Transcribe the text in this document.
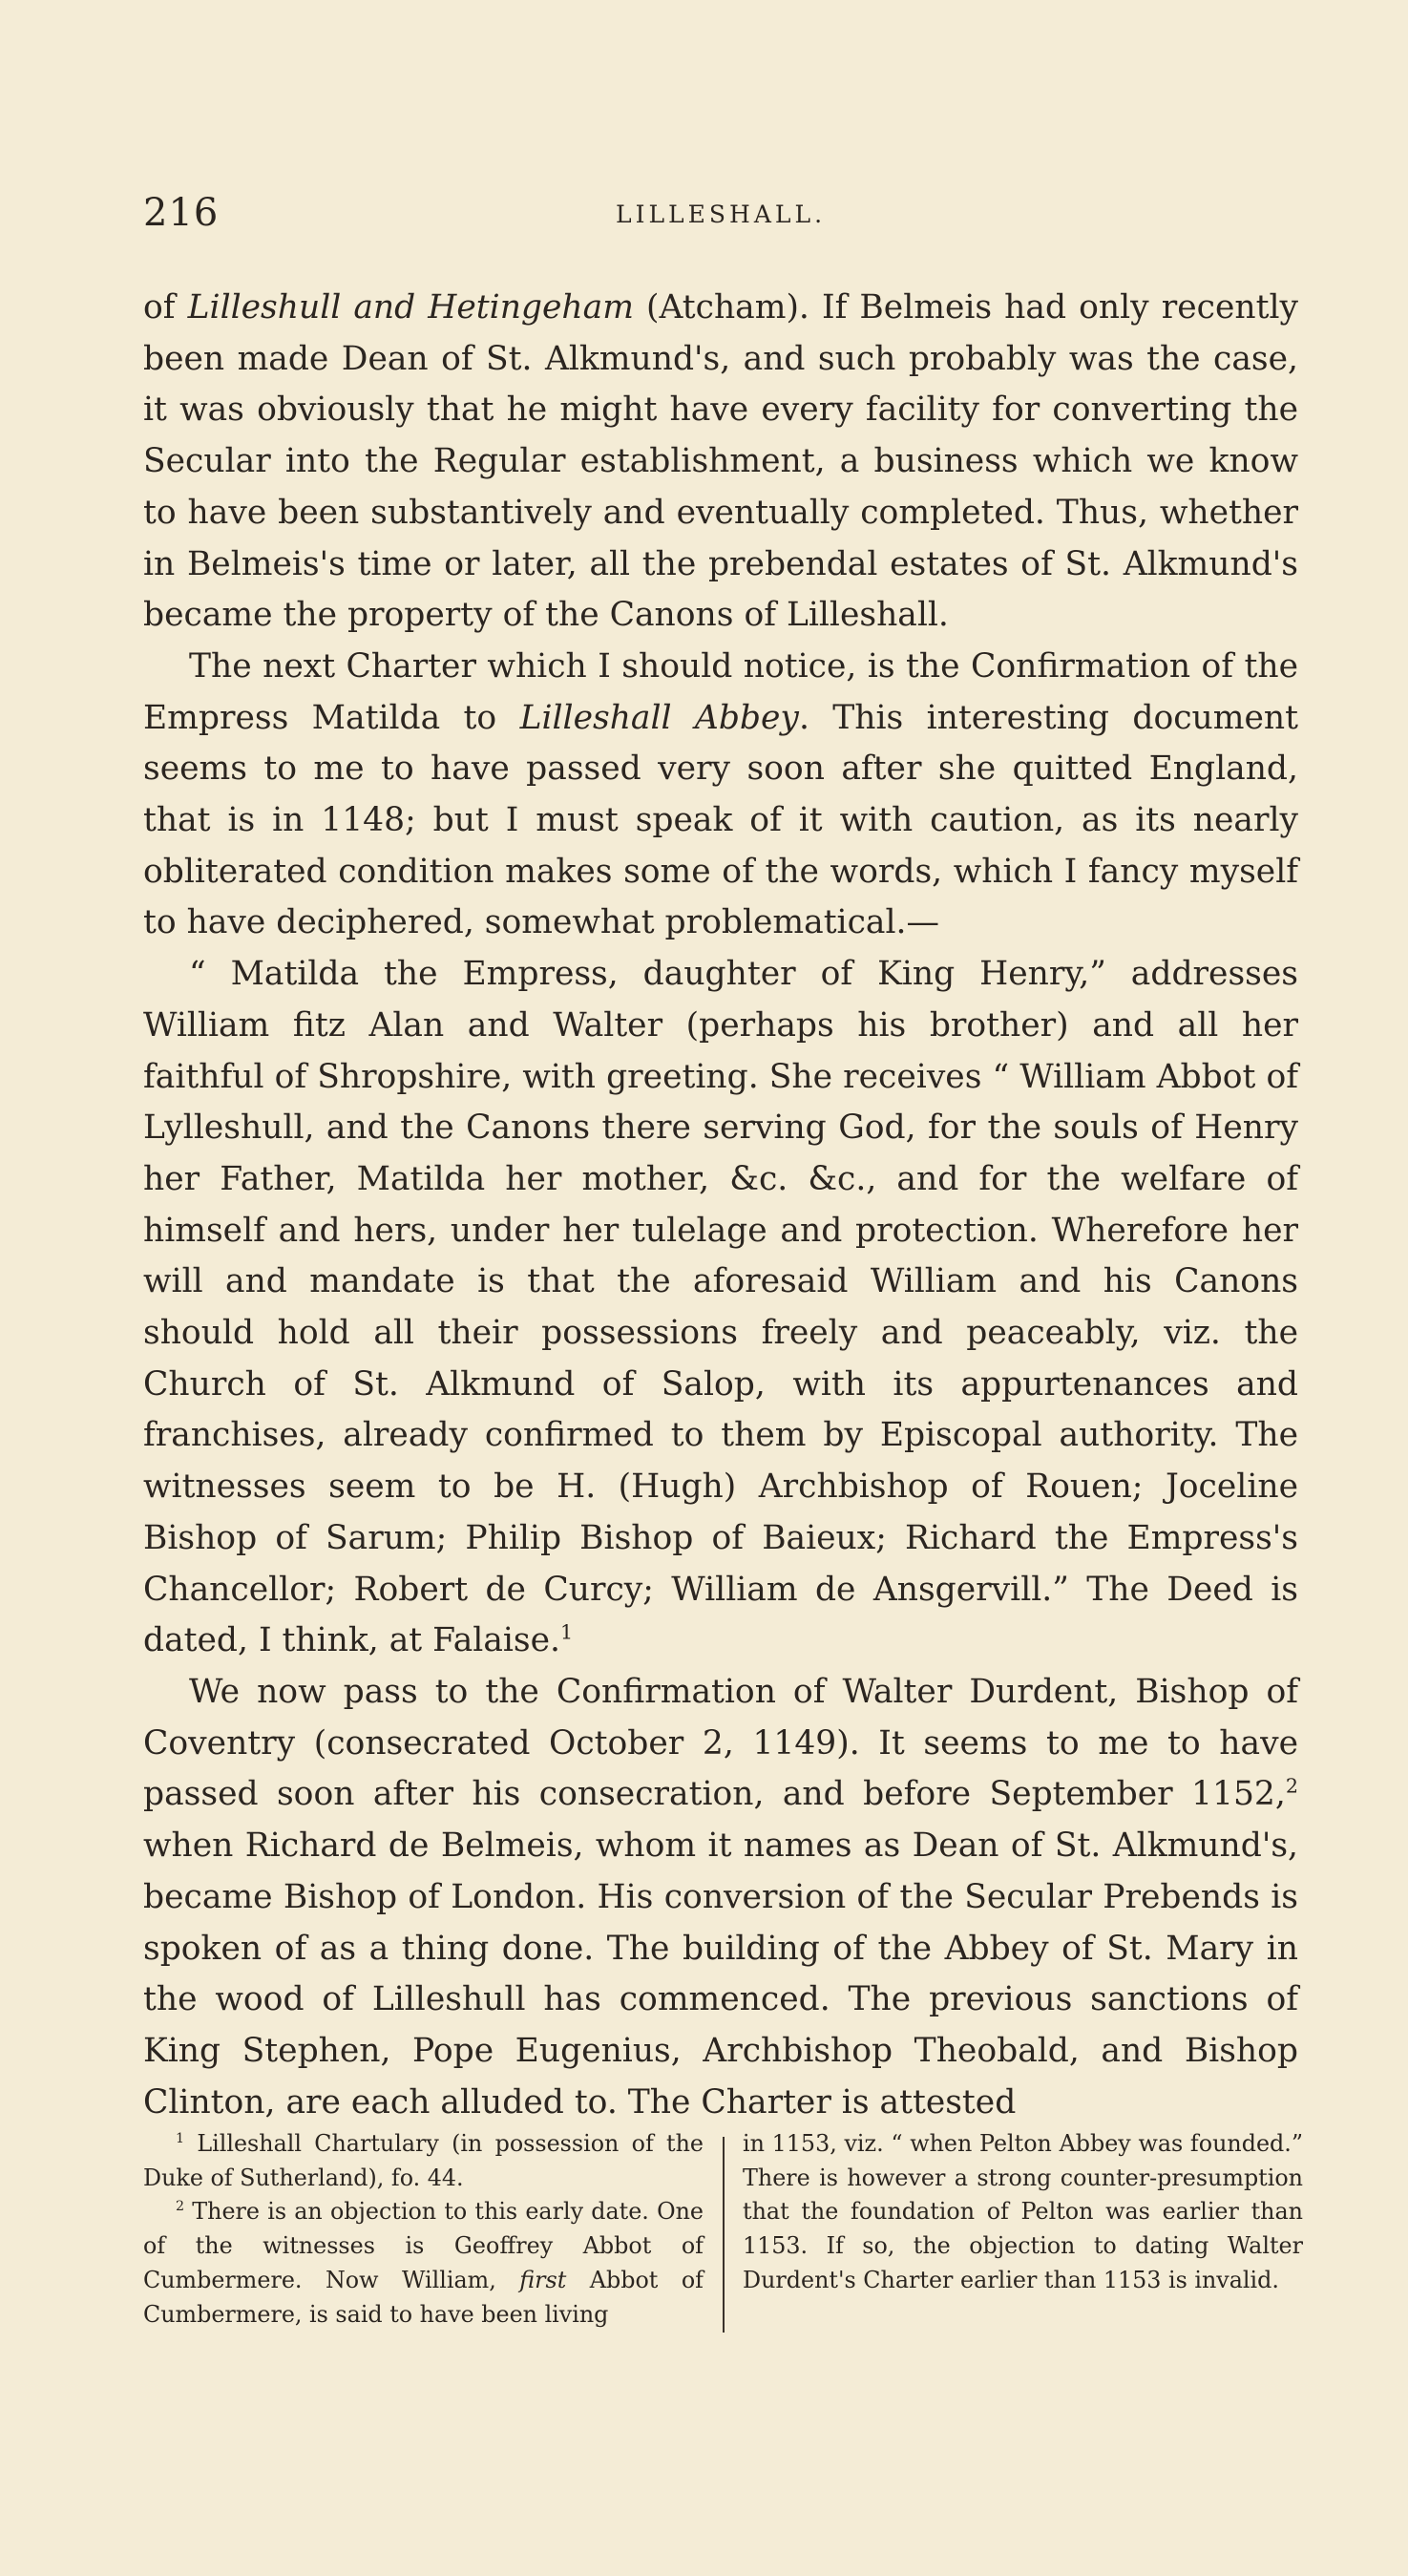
216	LILLESHALL.

of Lilleshull and Hetingeham (Atcham). If Belmeis had only recently been made Dean of St. Alkmund's, and such probably was the case, it was obviously that he might have every facility for converting the Secular into the Regular establishment, a business which we know to have been substantively and eventually completed. Thus, whether in Belmeis's time or later, all the prebendal estates of St. Alkmund's became the property of the Canons of Lilleshall.

The next Charter which I should notice, is the Confirmation of the Empress Matilda to Lilleshall Abbey. This interesting document seems to me to have passed very soon after she quitted England, that is in 1148; but I must speak of it with caution, as its nearly obliterated condition makes some of the words, which I fancy myself to have deciphered, somewhat problematical.—

“ Matilda the Empress, daughter of King Henry,” addresses William fitz Alan and Walter (perhaps his brother) and all her faithful of Shropshire, with greeting. She receives “ William Abbot of Lylleshull, and the Canons there serving God, for the souls of Henry her Father, Matilda her mother, &c. &c., and for the welfare of himself and hers, under her tulelage and protection. Wherefore her will and mandate is that the aforesaid William and his Canons should hold all their possessions freely and peaceably, viz. the Church of St. Alkmund of Salop, with its appurtenances and franchises, already confirmed to them by Episcopal authority. The witnesses seem to be H. (Hugh) Archbishop of Rouen; Joceline Bishop of Sarum; Philip Bishop of Baieux; Richard the Empress's Chancellor; Robert de Curcy; William de Ansgervill.” The Deed is dated, I think, at Falaise.$^1$

We now pass to the Confirmation of Walter Durdent, Bishop of Coventry (consecrated October 2, 1149). It seems to me to have passed soon after his consecration, and before September 1152,$^2$ when Richard de Belmeis, whom it names as Dean of St. Alkmund's, became Bishop of London. His conversion of the Secular Prebends is spoken of as a thing done. The building of the Abbey of St. Mary in the wood of Lilleshull has commenced. The previous sanctions of King Stephen, Pope Eugenius, Archbishop Theobald, and Bishop Clinton, are each alluded to. The Charter is attested

$^1$ Lilleshall Chartulary (in possession of the Duke of Sutherland), fo. 44.

$^2$ There is an objection to this early date. One of the witnesses is Geoffrey Abbot of Cumbermere. Now William, first Abbot of Cumbermere, is said to have been living

in 1153, viz. “ when Pelton Abbey was founded.” There is however a strong counter-presumption that the foundation of Pelton was earlier than 1153. If so, the objection to dating Walter Durdent's Charter earlier than 1153 is invalid.
